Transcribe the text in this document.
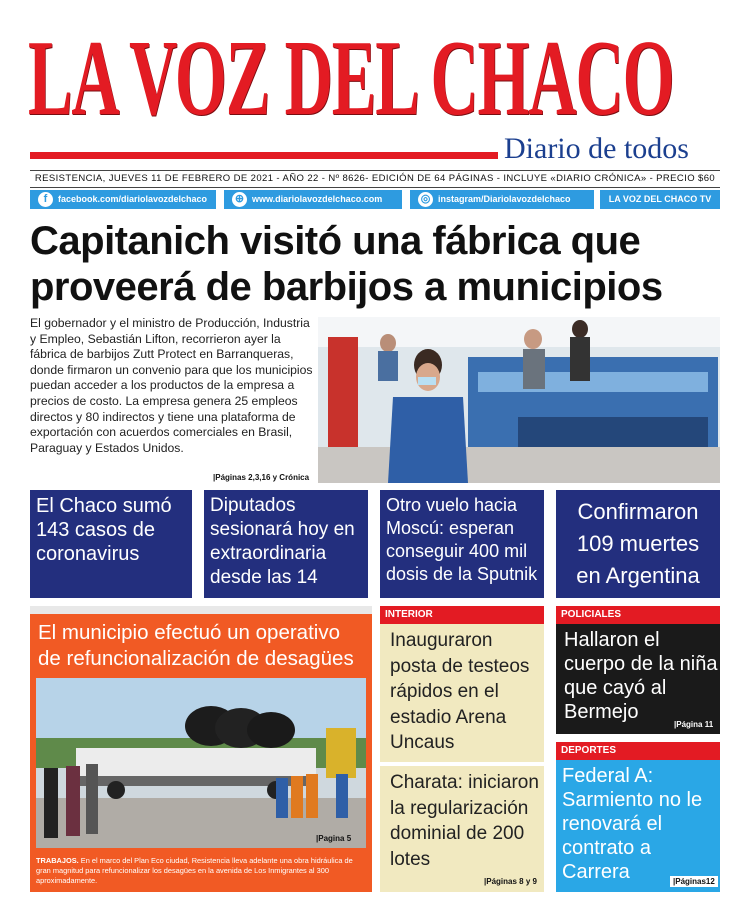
LA VOZ DEL CHACO
Diario de todos
RESISTENCIA, JUEVES 11 DE FEBRERO DE 2021 - AÑO 22 - Nº 8626- EDICIÓN DE 64 PÁGINAS - INCLUYE «DIARIO CRÓNICA» - PRECIO $60
f	facebook.com/diariolavozdelchaco	⊕ www.diariolavozdelchaco.com	◎ instagram/Diariolavozdelchaco	LA VOZ DEL CHACO TV
Capitanich visitó una fábrica que proveerá de barbijos a municipios
El gobernador y el ministro de Producción, Industria y Empleo, Sebastián Lifton, recorrieron ayer la fábrica de barbijos Zutt Protect en Barranqueras, donde firmaron un convenio para que los municipios puedan acceder a los productos de la empresa a precios de costo. La empresa genera 25 empleos directos y 80 indirectos y tiene una plataforma de exportación con acuerdos comerciales en Brasil, Paraguay y Estados Unidos.
| Páginas 2,3,16 y Crónica
El Chaco sumó 143 casos de coronavirus
Diputados sesionará hoy en extraordinaria desde las 14
Otro vuelo hacia Moscú: esperan conseguir 400 mil dosis de la Sputnik
Confirmaron 109 muertes en Argentina
El municipio efectuó un operativo de refuncionalización de desagües
| Pagina 5
TRABAJOS. En el marco del Plan Eco ciudad, Resistencia lleva adelante una obra hidráulica de gran magnitud para refuncionalizar los desagües en la avenida de Los Inmigrantes al 300 aproximadamente.
INTERIOR
Inauguraron posta de testeos rápidos en el estadio Arena Uncaus
Charata: iniciaron la regularización dominial de 200 lotes
| Páginas 8 y 9
POLICIALES
Hallaron el cuerpo de la niña que cayó al Bermejo
| Página 11
DEPORTES
Federal A: Sarmiento no le renovará el contrato a Carrera
|	Páginas12
